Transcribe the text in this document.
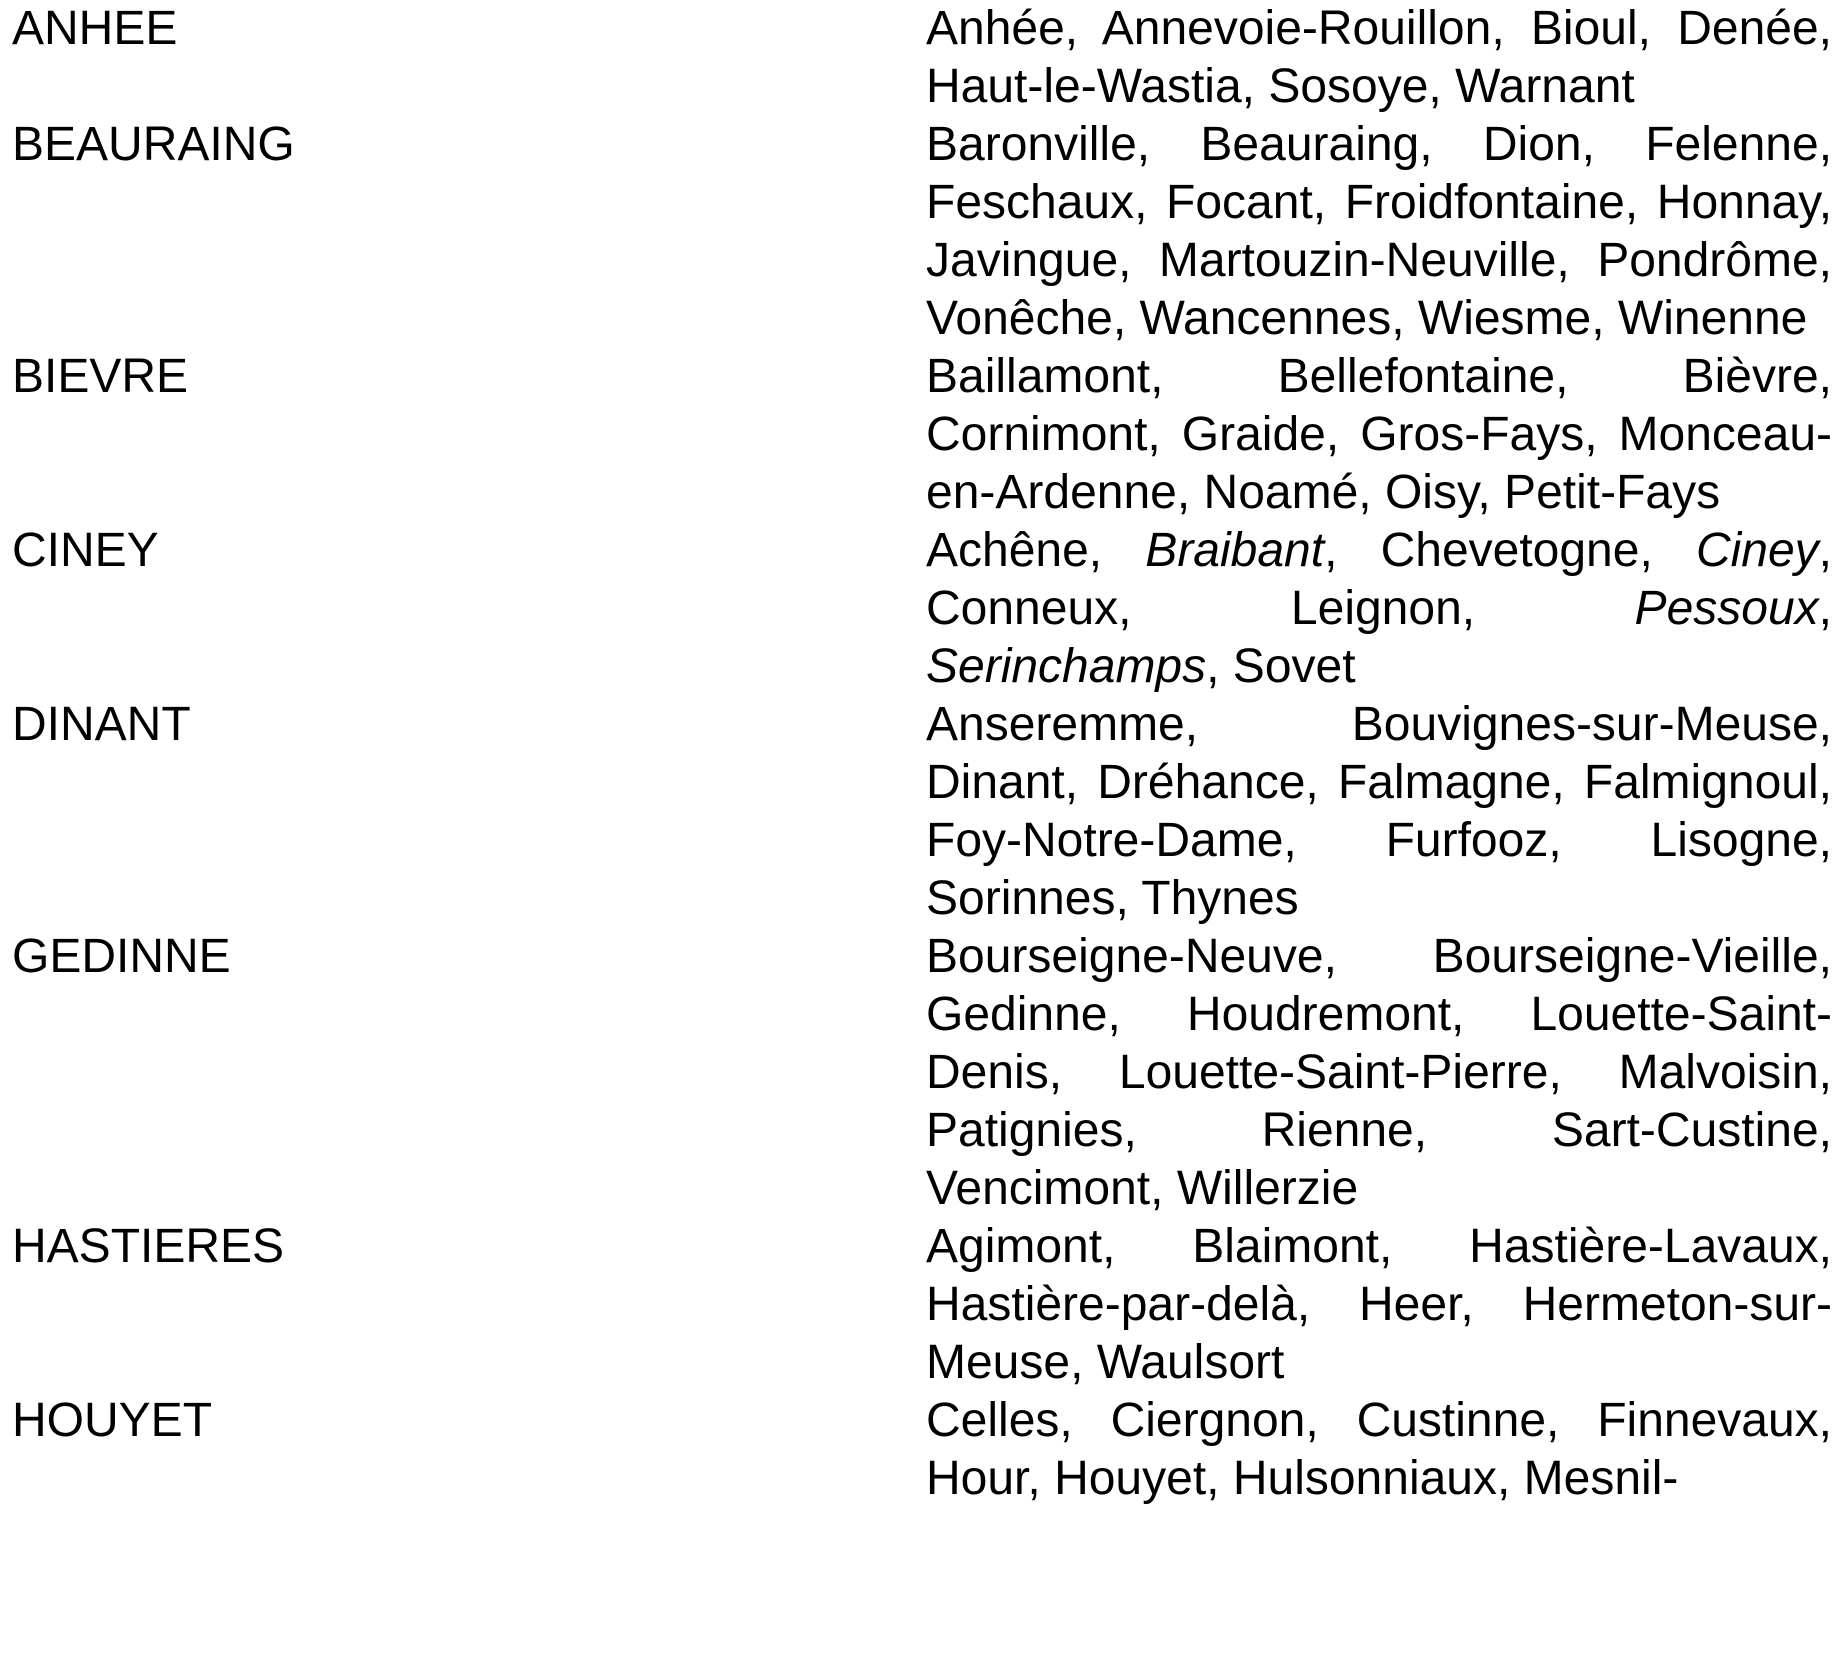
ANHEE	Anhée, Annevoie-Rouillon, Bioul, Denée, Haut-le-Wastia, Sosoye, Warnant
BEAURAING	Baronville, Beauraing, Dion, Felenne, Feschaux, Focant, Froidfontaine, Honnay, Javingue, Martouzin-Neuville, Pondrôme, Vonêche, Wancennes, Wiesme, Winenne
BIEVRE	Baillamont, Bellefontaine, Bièvre, Cornimont, Graide, Gros-Fays, Monceau-en-Ardenne, Noamé, Oisy, Petit-Fays
CINEY	Achêne, Braibant, Chevetogne, Ciney, Conneux, Leignon, Pessoux, Serinchamps, Sovet
DINANT	Anseremme, Bouvignes-sur-Meuse, Dinant, Dréhance, Falmagne, Falmignoul, Foy-Notre-Dame, Furfooz, Lisogne, Sorinnes, Thynes
GEDINNE	Bourseigne-Neuve, Bourseigne-Vieille, Gedinne, Houdremont, Louette-Saint-Denis, Louette-Saint-Pierre, Malvoisin, Patignies, Rienne, Sart-Custine, Vencimont, Willerzie
HASTIERES	Agimont, Blaimont, Hastière-Lavaux, Hastière-par-delà, Heer, Hermeton-sur-Meuse, Waulsort
HOUYET	Celles, Ciergnon, Custinne, Finnevaux, Hour, Houyet, Hulsonniaux, Mesnil-
